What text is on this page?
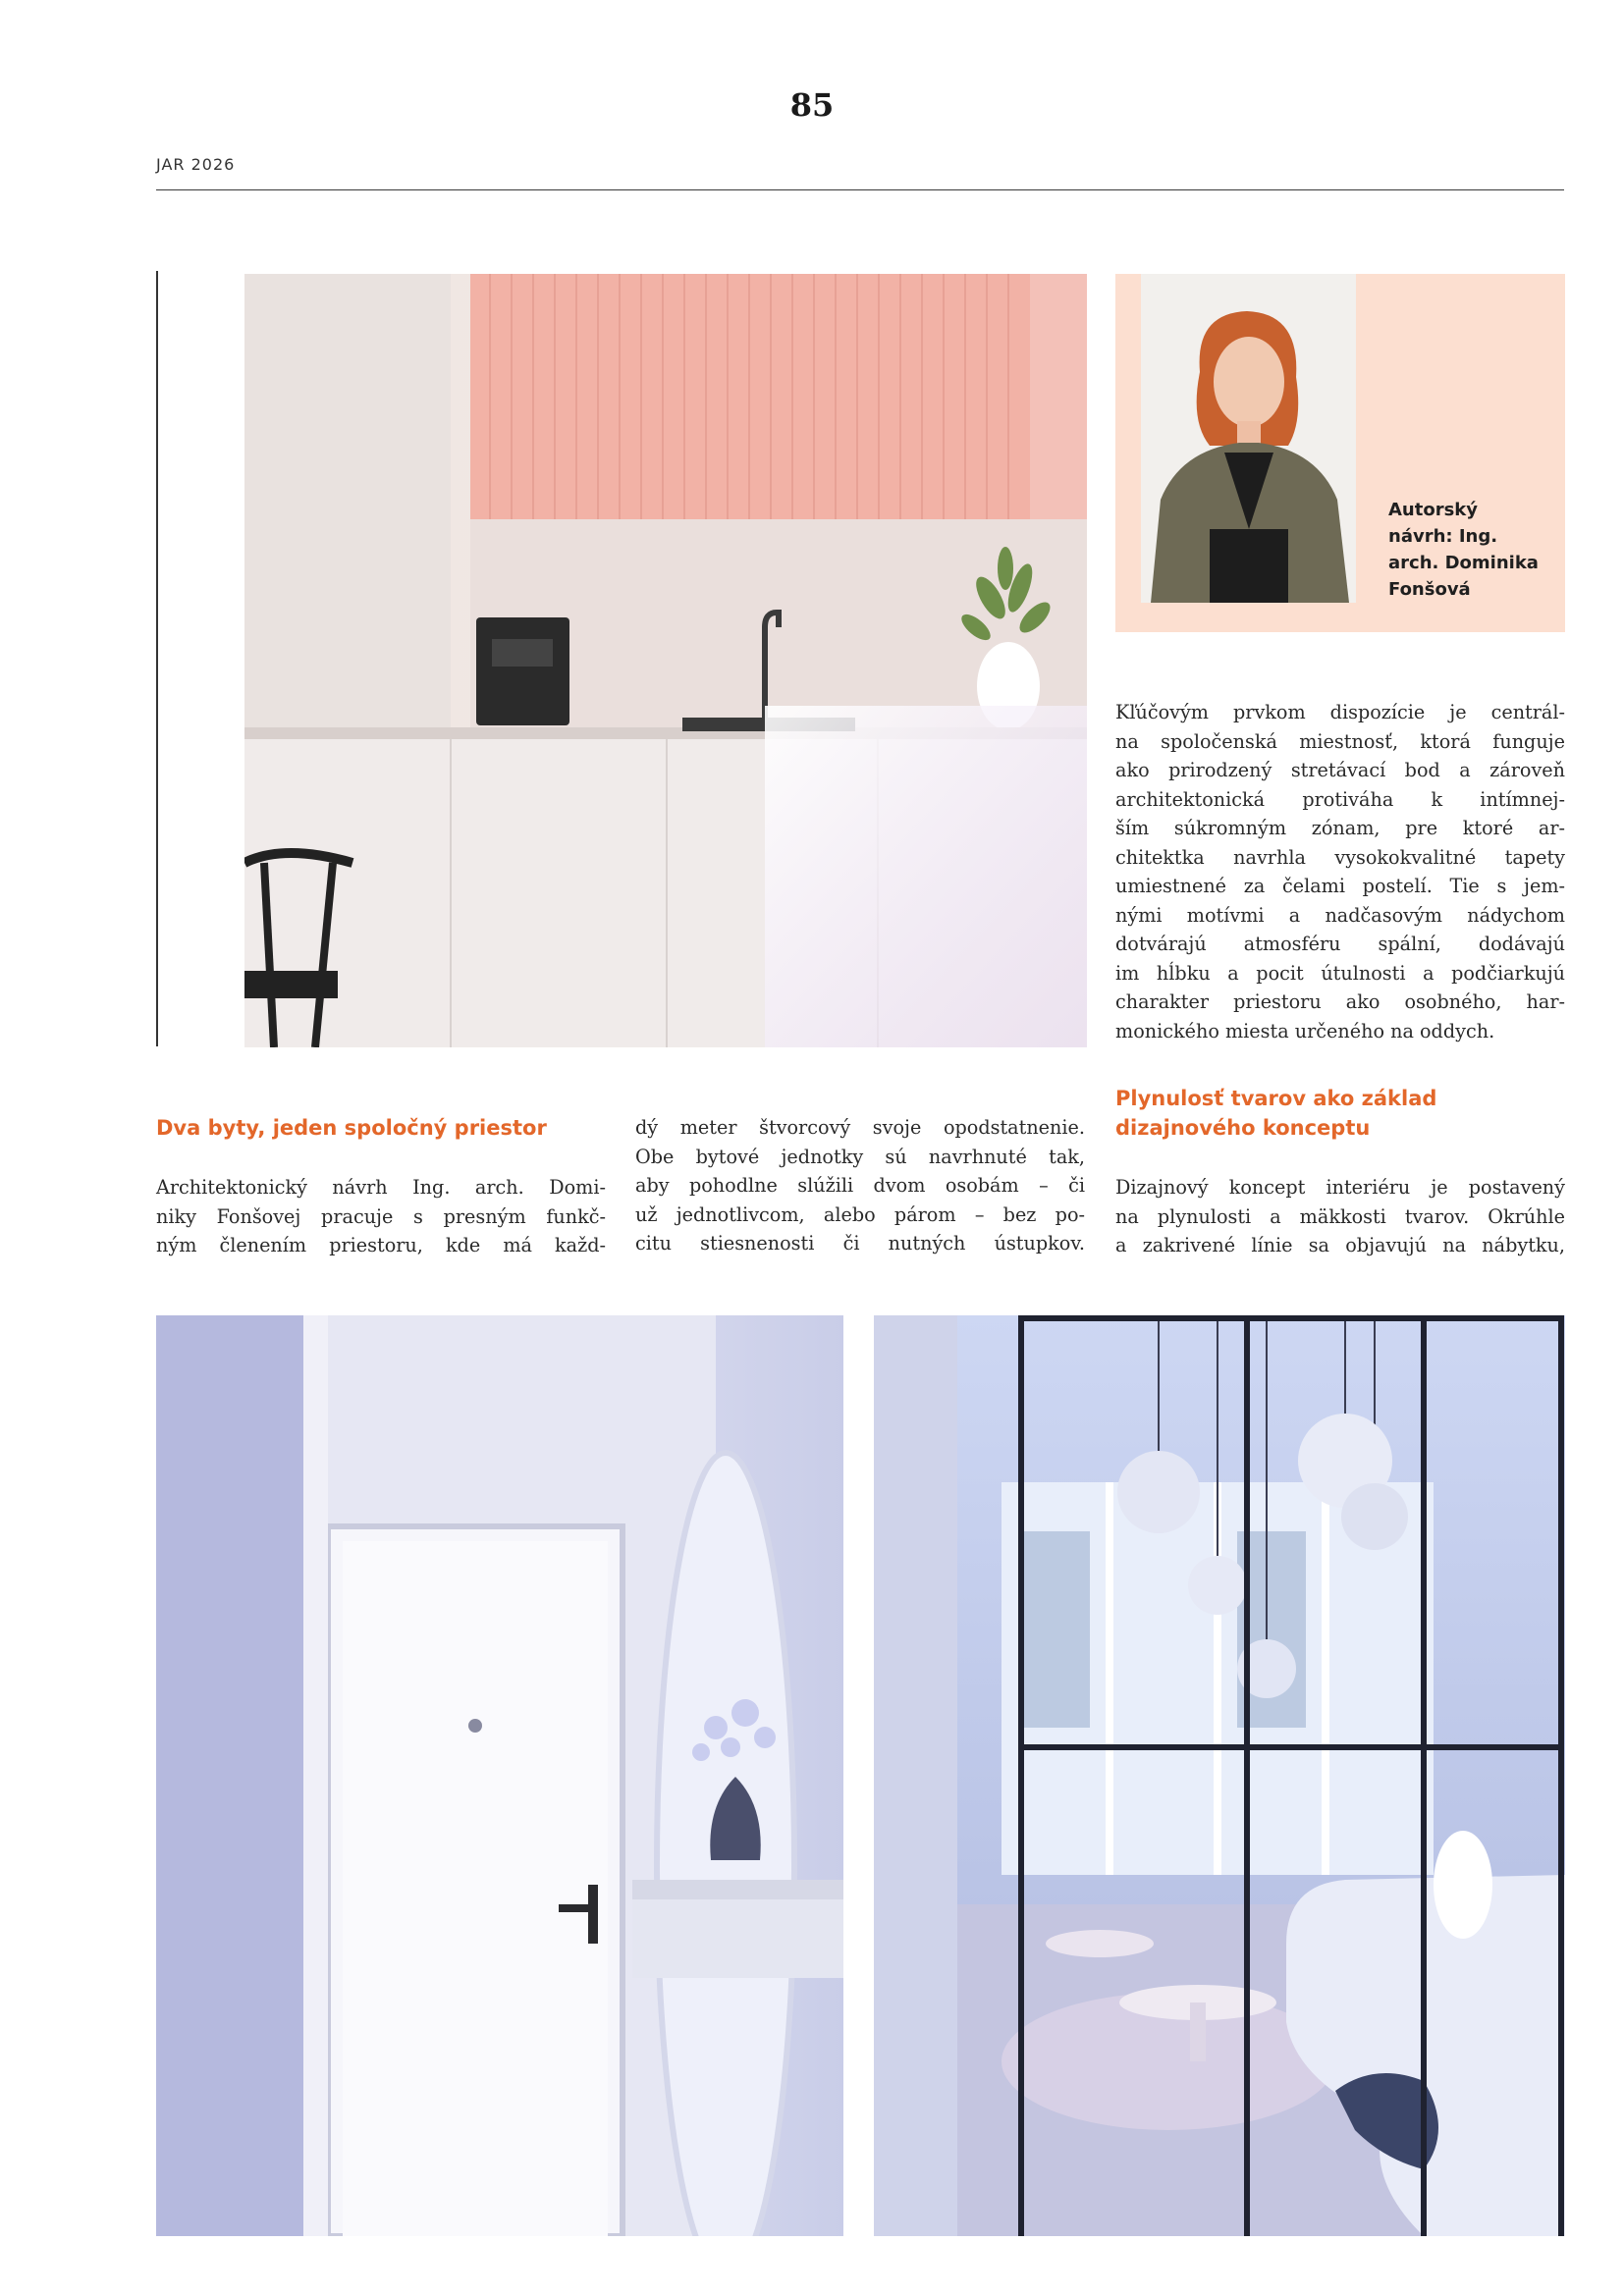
85
JAR 2026
Autorský
návrh: Ing.
arch. Dominika
Fonšová
Kľúčovým prvkom dispozície je centrál-
na spoločenská miestnosť, ktorá funguje
ako prirodzený stretávací bod a zároveň
architektonická protiváha k intímnej-
ším súkromným zónam, pre ktoré ar-
chitektka navrhla vysokokvalitné tapety
umiestnené za čelami postelí. Tie s jem-
nými motívmi a nadčasovým nádychom
dotvárajú atmosféru spální, dodávajú
im hĺbku a pocit útulnosti a podčiarkujú
charakter priestoru ako osobného, har-
monického miesta určeného na oddych.
Dva byty, jeden spoločný priestor
Architektonický návrh Ing. arch. Domi-
niky Fonšovej pracuje s presným funkč-
ným členením priestoru, kde má každ-
dý meter štvorcový svoje opodstatnenie.
Obe bytové jednotky sú navrhnuté tak,
aby pohodlne slúžili dvom osobám – či
už jednotlivcom, alebo párom – bez po-
citu stiesnenosti či nutných ústupkov.
Plynulosť tvarov ako základ
dizajnového konceptu
Dizajnový koncept interiéru je postavený
na plynulosti a mäkkosti tvarov. Okrúhle
a zakrivené línie sa objavujú na nábytku,
